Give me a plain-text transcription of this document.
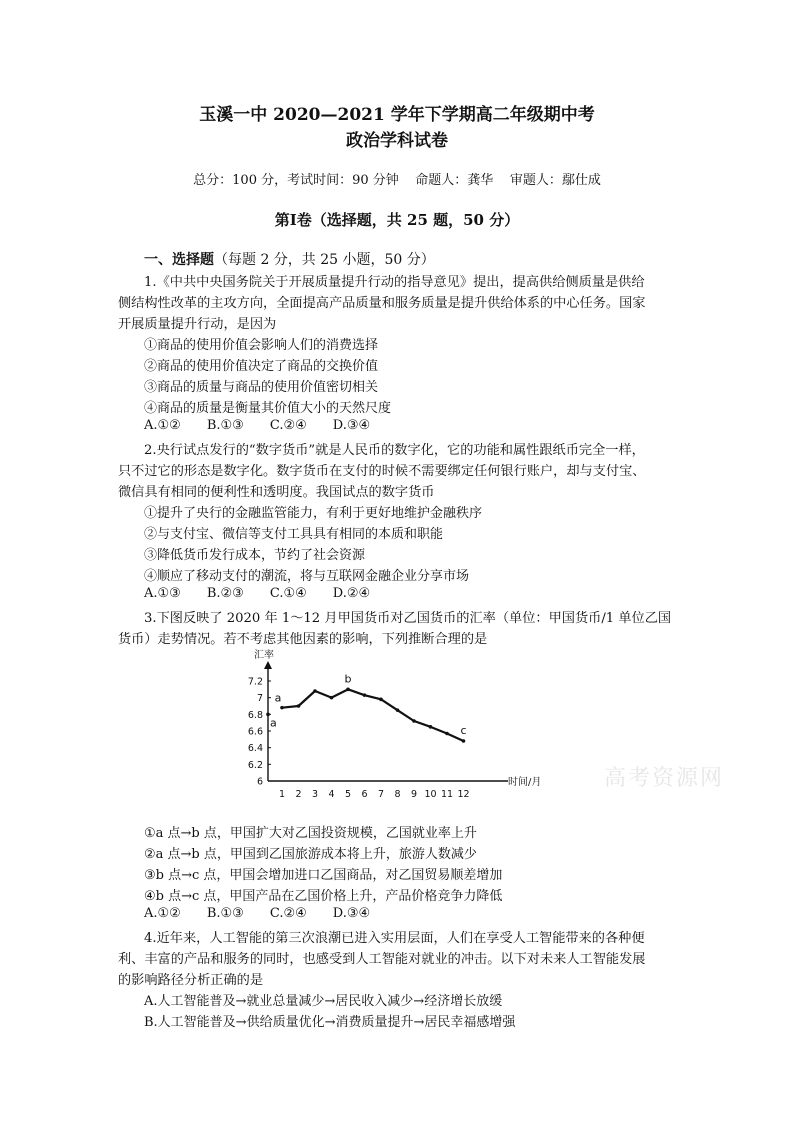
玉溪一中 2020—2021 学年下学期高二年级期中考
政治学科试卷
总分：100 分，考试时间：90 分钟    命题人：龚华    审题人：鄢仕成
第Ⅰ卷（选择题，共 25 题，50 分）
一、选择题（每题 2 分，共 25 小题，50 分）
1.《中共中央国务院关于开展质量提升行动的指导意见》提出，提高供给侧质量是供给
侧结构性改革的主攻方向，全面提高产品质量和服务质量是提升供给体系的中心任务。国家
开展质量提升行动，是因为
①商品的使用价值会影响人们的消费选择
②商品的使用价值决定了商品的交换价值
③商品的质量与商品的使用价值密切相关
④商品的质量是衡量其价值大小的天然尺度
A.①② B.①③ C.②④ D.③④
2.央行试点发行的“数字货币”就是人民币的数字化，它的功能和属性跟纸币完全一样，
只不过它的形态是数字化。数字货币在支付的时候不需要绑定任何银行账户，却与支付宝、
微信具有相同的便利性和透明度。我国试点的数字货币
①提升了央行的金融监管能力，有利于更好地维护金融秩序
②与支付宝、微信等支付工具具有相同的本质和职能
③降低货币发行成本，节约了社会资源
④顺应了移动支付的潮流，将与互联网金融企业分享市场
A.①③ B.②③ C.①④ D.②④
3.下图反映了 2020 年 1～12 月甲国货币对乙国货币的汇率（单位：甲国货币/1 单位乙国
货币）走势情况。若不考虑其他因素的影响，下列推断合理的是
汇率
时间/月
6
6.2
6.4
6.6
6.8
7
7.2
1 2 3 4 5 6 7 8 9 10 11 12
a
b
c
a
高考资源网
①a 点→b 点，甲国扩大对乙国投资规模，乙国就业率上升
②a 点→b 点，甲国到乙国旅游成本将上升，旅游人数减少
③b 点→c 点，甲国会增加进口乙国商品，对乙国贸易顺差增加
④b 点→c 点，甲国产品在乙国价格上升，产品价格竞争力降低
A.①② B.①③ C.②④ D.③④
4.近年来，人工智能的第三次浪潮已进入实用层面，人们在享受人工智能带来的各种便
利、丰富的产品和服务的同时，也感受到人工智能对就业的冲击。以下对未来人工智能发展
的影响路径分析正确的是
A.人工智能普及→就业总量减少→居民收入减少→经济增长放缓
B.人工智能普及→供给质量优化→消费质量提升→居民幸福感增强
